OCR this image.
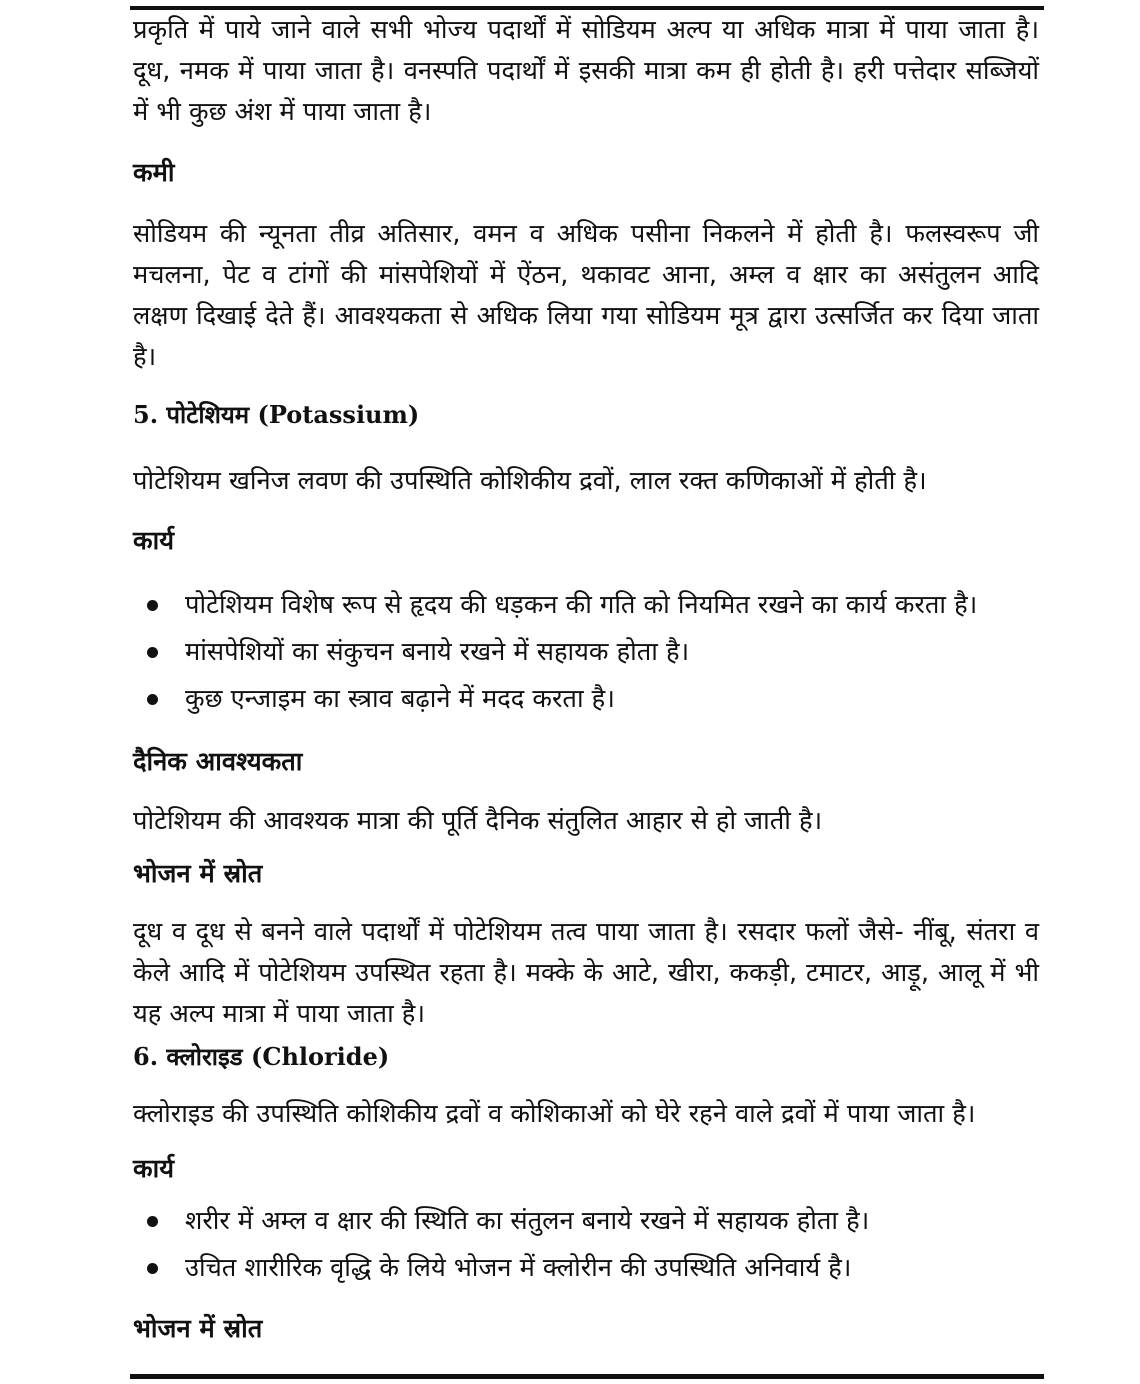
प्रकृति में पाये जाने वाले सभी भोज्य पदार्थों में सोडियम अल्प या अधिक मात्रा में पाया जाता है। दूध, नमक में पाया जाता है। वनस्पति पदार्थों में इसकी मात्रा कम ही होती है। हरी पत्तेदार सब्जियों में भी कुछ अंश में पाया जाता है।

कमी

सोडियम की न्यूनता तीव्र अतिसार, वमन व अधिक पसीना निकलने में होती है। फलस्वरूप जी मचलना, पेट व टांगों की मांसपेशियों में ऐंठन, थकावट आना, अम्ल व क्षार का असंतुलन आदि लक्षण दिखाई देते हैं। आवश्यकता से अधिक लिया गया सोडियम मूत्र द्वारा उत्सर्जित कर दिया जाता है।

5. पोटेशियम (Potassium)

पोटेशियम खनिज लवण की उपस्थिति कोशिकीय द्रवों, लाल रक्त कणिकाओं में होती है।

कार्य
पोटेशियम विशेष रूप से हृदय की धड़कन की गति को नियमित रखने का कार्य करता है।
मांसपेशियों का संकुचन बनाये रखने में सहायक होता है।
कुछ एन्जाइम का स्त्राव बढ़ाने में मदद करता है।
दैनिक आवश्यकता

पोटेशियम की आवश्यक मात्रा की पूर्ति दैनिक संतुलित आहार से हो जाती है।

भोजन में स्रोत

दूध व दूध से बनने वाले पदार्थों में पोटेशियम तत्व पाया जाता है। रसदार फलों जैसे- नींबू, संतरा व केले आदि में पोटेशियम उपस्थित रहता है। मक्के के आटे, खीरा, ककड़ी, टमाटर, आड़ू, आलू में भी यह अल्प मात्रा में पाया जाता है।

6. क्लोराइड (Chloride)

क्लोराइड की उपस्थिति कोशिकीय द्रवों व कोशिकाओं को घेरे रहने वाले द्रवों में पाया जाता है।

कार्य
शरीर में अम्ल व क्षार की स्थिति का संतुलन बनाये रखने में सहायक होता है।
उचित शारीरिक वृद्धि के लिये भोजन में क्लोरीन की उपस्थिति अनिवार्य है।
भोजन में स्रोत
